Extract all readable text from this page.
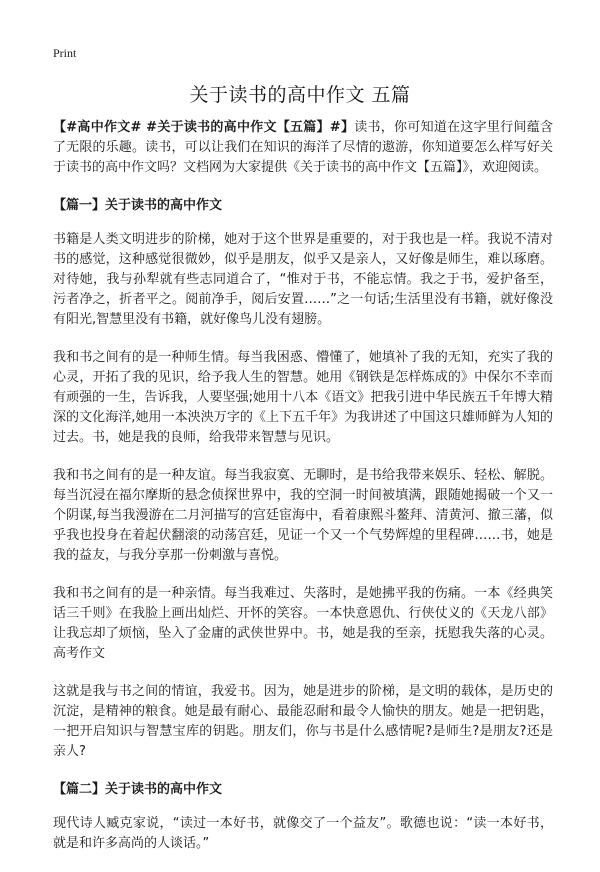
Print
关于读书的高中作文 五篇

【#高中作文# #关于读书的高中作文【五篇】#】读书，你可知道在这字里行间蕴含了无限的乐趣。读书，可以让我们在知识的海洋了尽情的遨游，你知道要怎么样写好关于读书的高中作文吗？文档网为大家提供《关于读书的高中作文【五篇】》，欢迎阅读。

【篇一】关于读书的高中作文

书籍是人类文明进步的阶梯，她对于这个世界是重要的，对于我也是一样。我说不清对书的感觉，这种感觉很微妙，似乎是朋友，似乎又是亲人，又好像是师生，难以琢磨。对待她，我与孙犁就有些志同道合了，“惟对于书，不能忘情。我之于书，爱护备至，污者净之，折者平之。阅前净手，阅后安置……”之一句话;生活里没有书籍，就好像没有阳光,智慧里没有书籍，就好像鸟儿没有翅膀。

我和书之间有的是一种师生情。每当我困惑、懵懂了，她填补了我的无知，充实了我的心灵，开拓了我的见识，给予我人生的智慧。她用《钢铁是怎样炼成的》中保尔不幸而有顽强的一生，告诉我，人要坚强;她用十八本《语文》把我引进中华民族五千年博大精深的文化海洋,她用一本泱泱万字的《上下五千年》为我讲述了中国这只雄师鲜为人知的过去。书，她是我的良师，给我带来智慧与见识。

我和书之间有的是一种友谊。每当我寂寞、无聊时，是书给我带来娱乐、轻松、解脱。每当沉浸在福尔摩斯的悬念侦探世界中，我的空洞一时间被填满，跟随她揭破一个又一个阴谋,每当我漫游在二月河描写的宫廷宦海中，看着康熙斗鳌拜、清黄河、撤三藩，似乎我也投身在着起伏翻滚的动荡宫廷，见证一个又一个气势辉煌的里程碑……书，她是我的益友，与我分享那一份刺激与喜悦。

我和书之间有的是一种亲情。每当我难过、失落时，是她拂平我的伤痛。一本《经典笑话三千则》在我脸上画出灿烂、开怀的笑容。一本快意恩仇、行侠仗义的《天龙八部》让我忘却了烦恼，坠入了金庸的武侠世界中。书，她是我的至亲，抚慰我失落的心灵。高考作文

这就是我与书之间的情谊，我爱书。因为，她是进步的阶梯，是文明的载体，是历史的沉淀，是精神的粮食。她是最有耐心、最能忍耐和最令人愉快的朋友。她是一把钥匙，一把开启知识与智慧宝库的钥匙。朋友们，你与书是什么感情呢?是师生?是朋友?还是亲人?

【篇二】关于读书的高中作文

现代诗人臧克家说，“读过一本好书，就像交了一个益友”。歌德也说：“读一本好书，就是和许多高尚的人谈话。”
